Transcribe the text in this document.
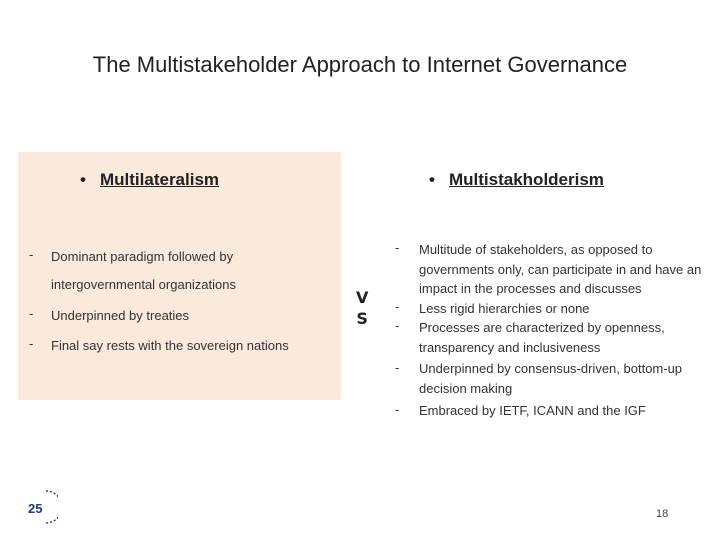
The Multistakeholder Approach to Internet Governance
• Multilateralism
- Dominant paradigm followed by
intergovernmental organizations
- Underpinned by treaties
- Final say rests with the sovereign nations
V
S
• Multistakholderism
- Multitude of stakeholders, as opposed to governments only, can participate in and have an impact in the processes and discusses
- Less rigid hierarchies or none
- Processes are characterized by openness, transparency and inclusiveness
- Underpinned by consensus-driven, bottom-up decision making
- Embraced by IETF, ICANN and the IGF
25	18
